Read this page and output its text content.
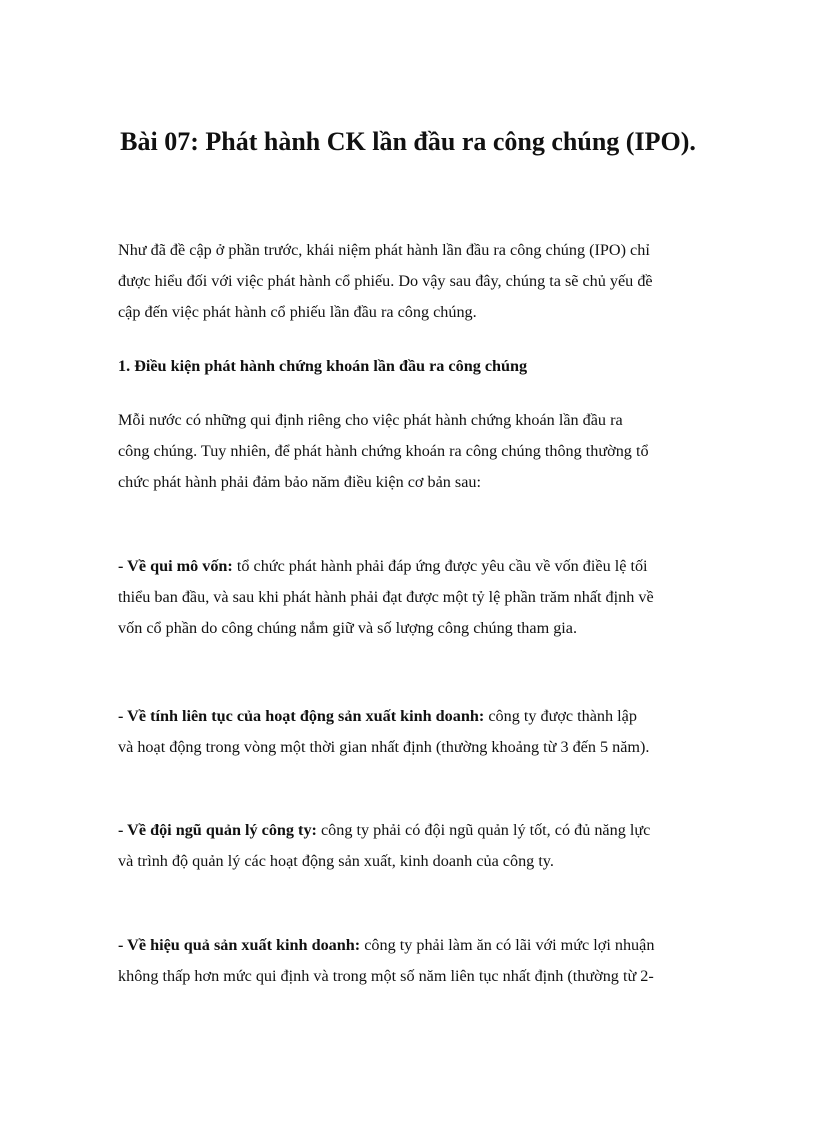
Bài 07: Phát hành CK lần đầu ra công chúng (IPO).
Như đã đề cập ở phần trước, khái niệm phát hành lần đầu ra công chúng (IPO) chỉ
được hiểu đối với việc phát hành cổ phiếu. Do vậy sau đây, chúng ta sẽ chủ yếu đề
cập đến việc phát hành cổ phiếu lần đầu ra công chúng.
1. Điều kiện phát hành chứng khoán lần đầu ra công chúng
Mỗi nước có những qui định riêng cho việc phát hành chứng khoán lần đầu ra
công chúng. Tuy nhiên, để phát hành chứng khoán ra công chúng thông thường tổ
chức phát hành phải đảm bảo năm điều kiện cơ bản sau:
- Về qui mô vốn: tổ chức phát hành phải đáp ứng được yêu cầu về vốn điều lệ tối
thiểu ban đầu, và sau khi phát hành phải đạt được một tỷ lệ phần trăm nhất định về
vốn cổ phần do công chúng nắm giữ và số lượng công chúng tham gia.
- Về tính liên tục của hoạt động sản xuất kinh doanh: công ty được thành lập
và hoạt động trong vòng một thời gian nhất định (thường khoảng từ 3 đến 5 năm).
- Về đội ngũ quản lý công ty: công ty phải có đội ngũ quản lý tốt, có đủ năng lực
và trình độ quản lý các hoạt động sản xuất, kinh doanh của công ty.
- Về hiệu quả sản xuất kinh doanh: công ty phải làm ăn có lãi với mức lợi nhuận
không thấp hơn mức qui định và trong một số năm liên tục nhất định (thường từ 2-
